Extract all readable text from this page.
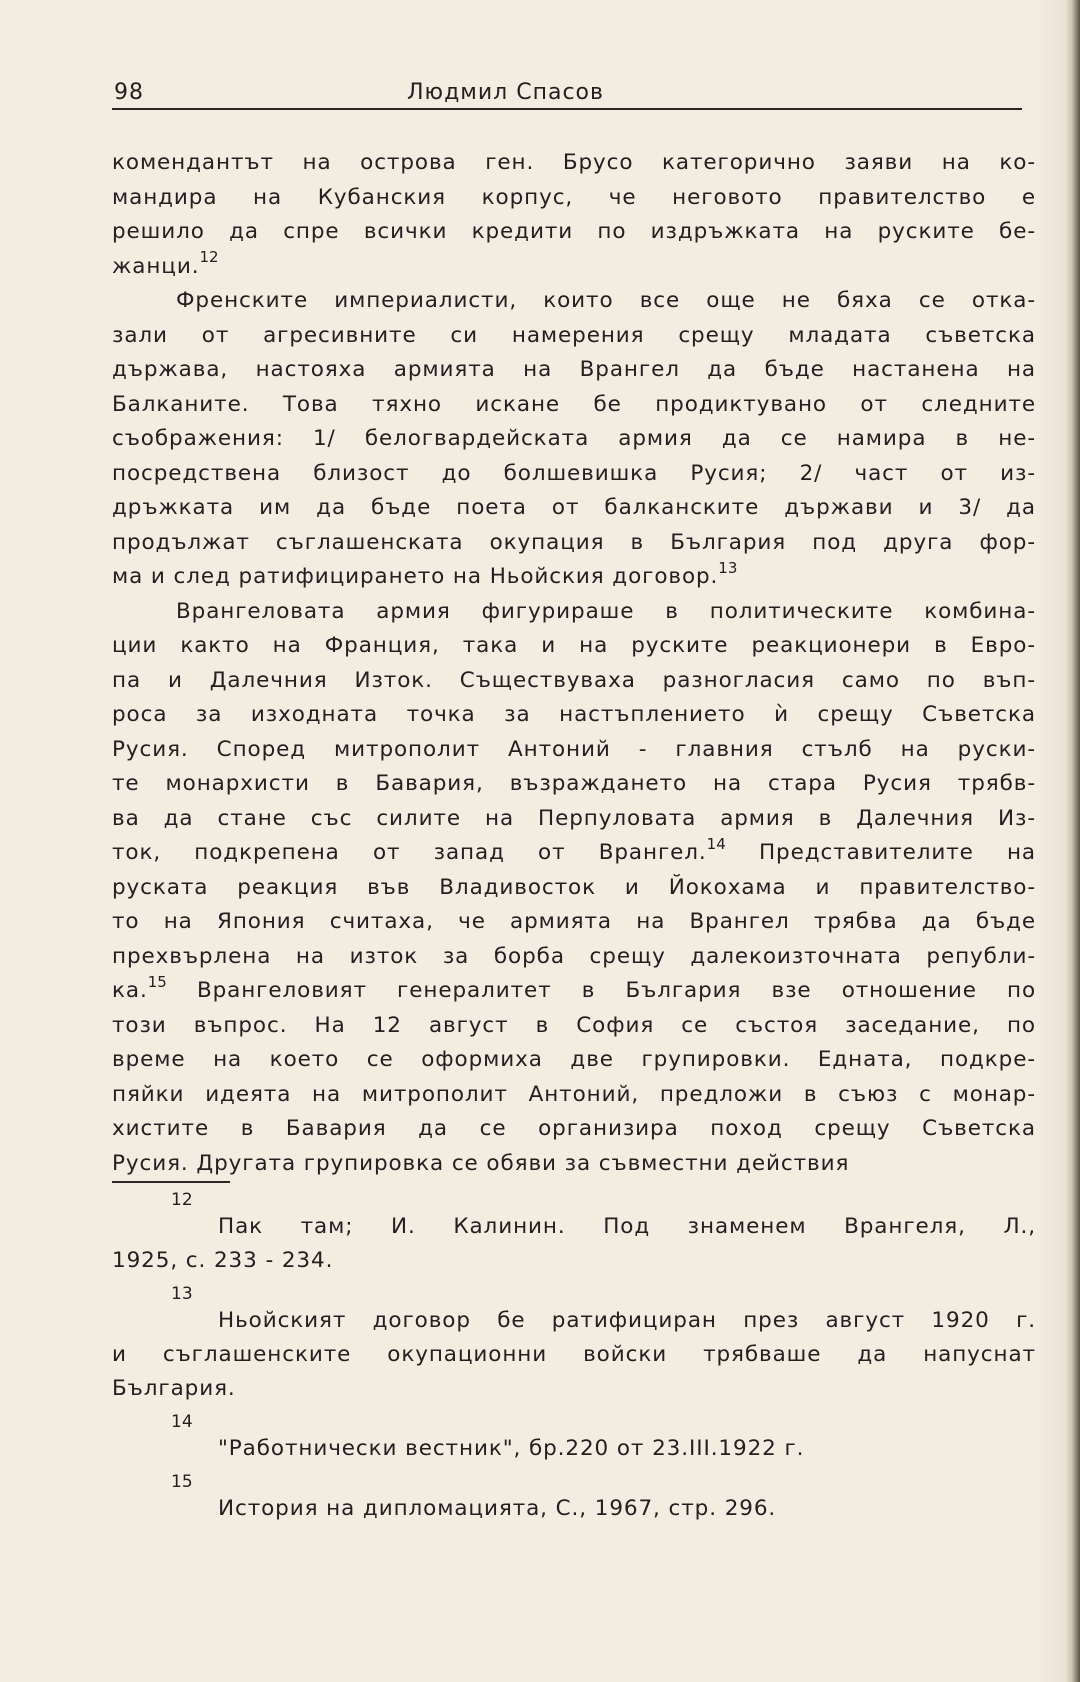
98	Людмил Спасов
комендантът на острова ген. Брусо категорично заяви на ко-
мандира на Кубанския корпус, че неговото правителство е
решило да спре всички кредити по издръжката на руските бе-
жанци.$^{12}$
Френските империалисти, които все още не бяха се отка-
зали от агресивните си намерения срещу младата съветска
държава, настояха армията на Врангел да бъде настанена на
Балканите. Това тяхно искане бе продиктувано от следните
съображения: 1/ белогвардейската армия да се намира в не-
посредствена близост до болшевишка Русия; 2/ част от из-
дръжката им да бъде поета от балканските държави и 3/ да
продължат съглашенската окупация в България под друга фор-
ма и след ратифицирането на Ньойския договор.$^{13}$
Врангеловата армия фигурираше в политическите комбина-
ции както на Франция, така и на руските реакционери в Евро-
па и Далечния Изток. Съществуваха разногласия само по въп-
роса за изходната точка за настъплението ѝ срещу Съветска
Русия. Според митрополит Антоний - главния стълб на руски-
те монархисти в Бавария, възраждането на стара Русия трябв-
ва да стане със силите на Перпуловата армия в Далечния Из-
ток, подкрепена от запад от Врангел.$^{14}$ Представителите на
руската реакция във Владивосток и Йокохама и правителство-
то на Япония считаха, че армията на Врангел трябва да бъде
прехвърлена на изток за борба срещу далекоизточната републи-
ка.$^{15}$ Врангеловият генералитет в България взе отношение по
този въпрос. На 12 август в София се състоя заседание, по
време на което се оформиха две групировки. Едната, подкре-
пяйки идеята на митрополит Антоний, предложи в съюз с монар-
хистите в Бавария да се организира поход срещу Съветска
Русия. Другата групировка се обяви за съвместни действия
12
Пак там; И. Калинин. Под знаменем Врангеля, Л.,
1925, с. 233 - 234.
13
Ньойският договор бе ратифициран през август 1920 г.
и съглашенските окупационни войски трябваше да напуснат
България.
14
"Работнически вестник", бр.220 от 23.III.1922 г.
15
История на дипломацията, С., 1967, стр. 296.
